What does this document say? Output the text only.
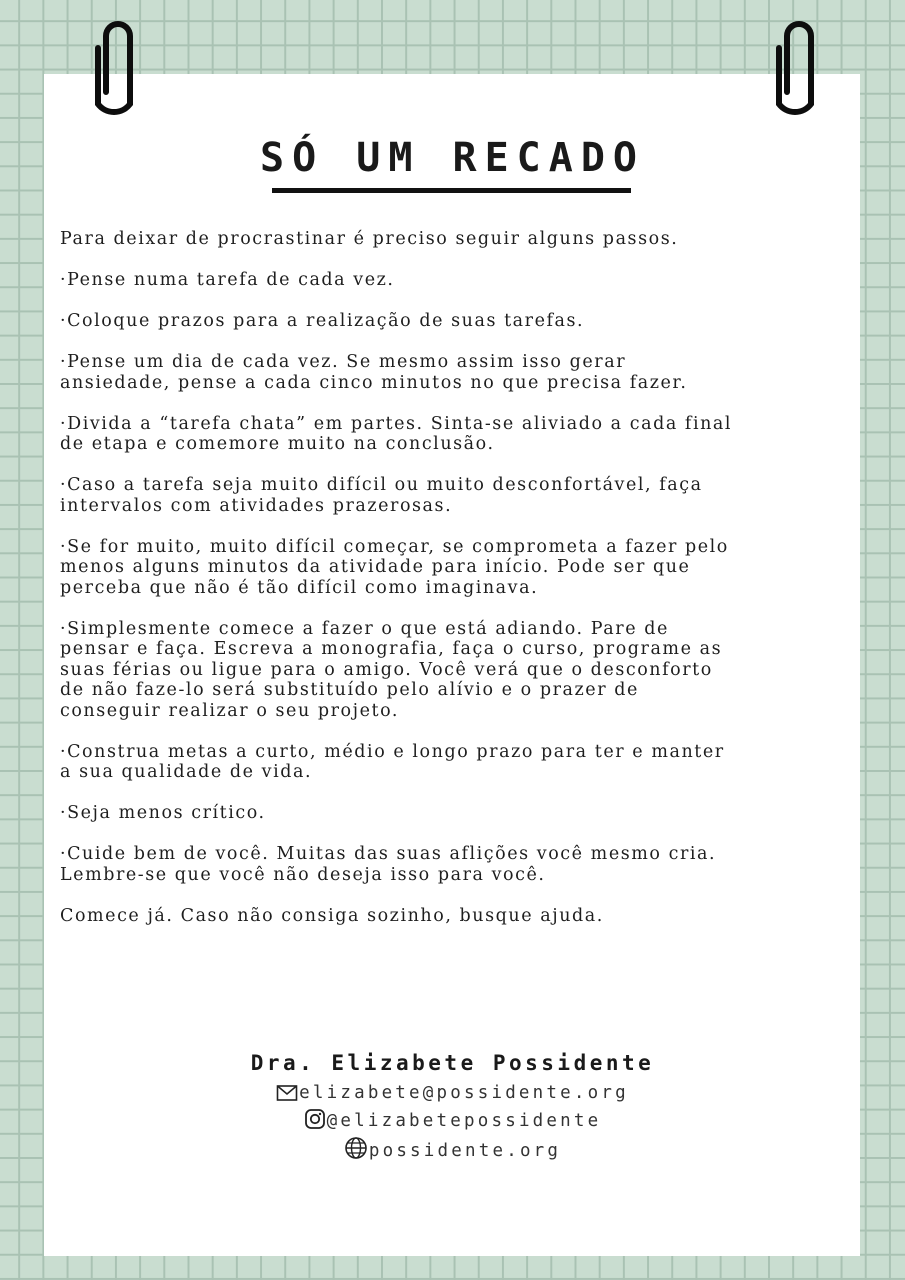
SÓ UM RECADO

Para deixar de procrastinar é preciso seguir alguns passos.

·Pense numa tarefa de cada vez.

·Coloque prazos para a realização de suas tarefas.

·Pense um dia de cada vez. Se mesmo assim isso gerar
ansiedade, pense a cada cinco minutos no que precisa fazer.

·Divida a “tarefa chata” em partes. Sinta-se aliviado a cada final
de etapa e comemore muito na conclusão.

·Caso a tarefa seja muito difícil ou muito desconfortável, faça
intervalos com atividades prazerosas.

·Se for muito, muito difícil começar, se comprometa a fazer pelo
menos alguns minutos da atividade para início. Pode ser que
perceba que não é tão difícil como imaginava.

·Simplesmente comece a fazer o que está adiando. Pare de
pensar e faça. Escreva a monografia, faça o curso, programe as
suas férias ou ligue para o amigo. Você verá que o desconforto
de não faze-lo será substituído pelo alívio e o prazer de
conseguir realizar o seu projeto.

·Construa metas a curto, médio e longo prazo para ter e manter
a sua qualidade de vida.

·Seja menos crítico.

·Cuide bem de você. Muitas das suas aflições você mesmo cria.
Lembre-se que você não deseja isso para você.

Comece já. Caso não consiga sozinho, busque ajuda.

Dra. Elizabete Possidente
elizabete@possidente.org
@elizabetepossidente
possidente.org
